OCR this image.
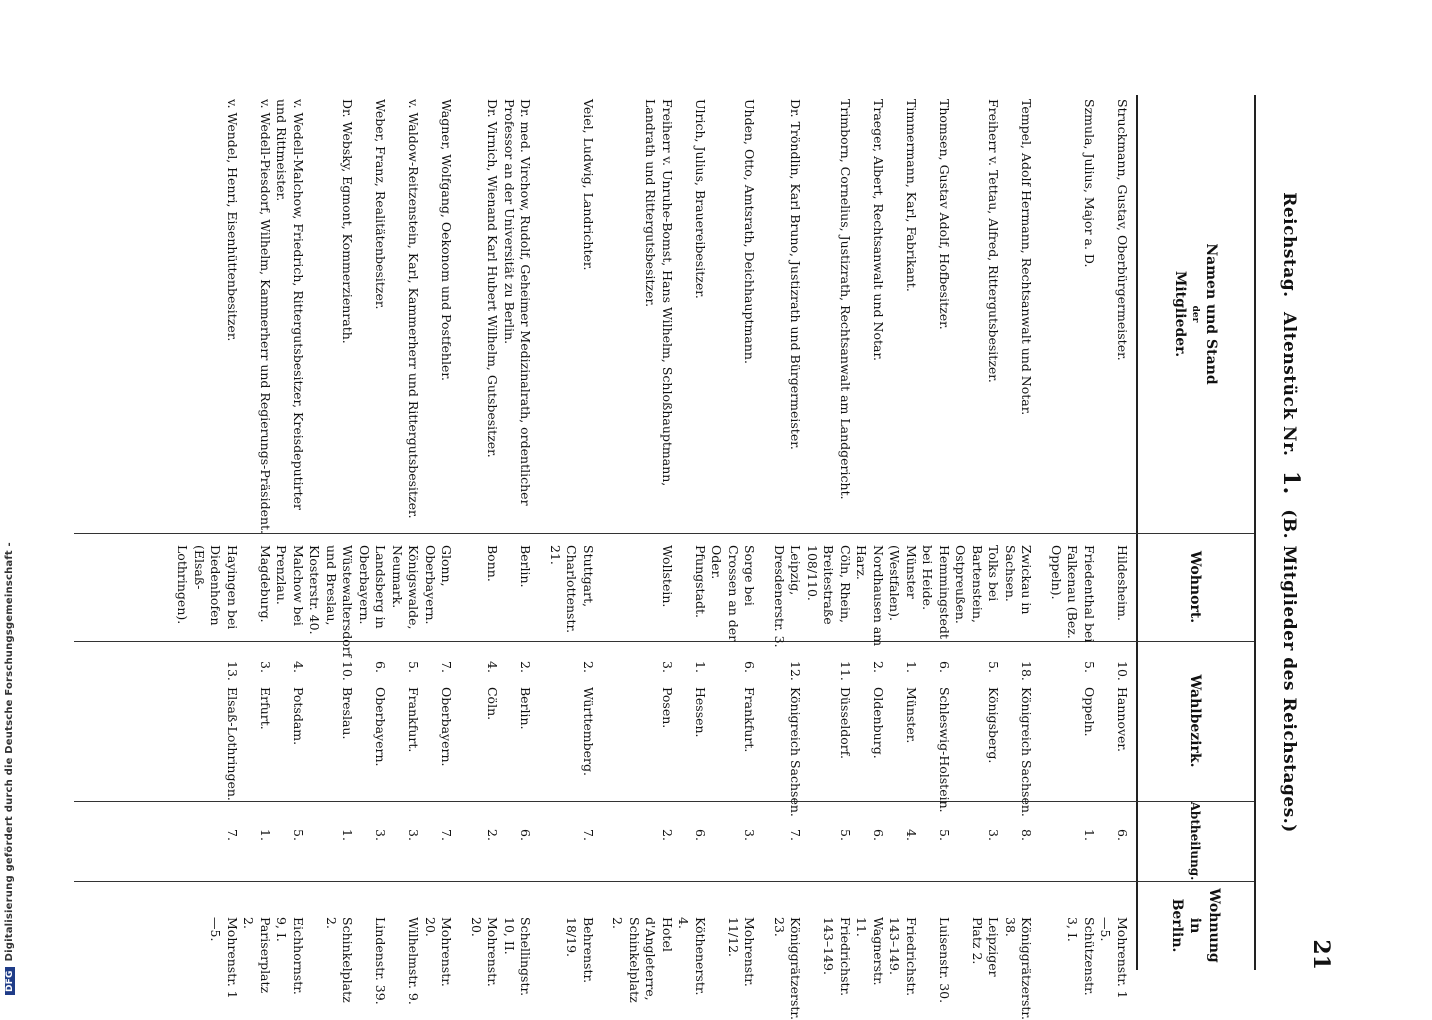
21
Reichstag. Altenstück Nr. 1. (B. Mitglieder des Reichstages.)
Namen und Stand
der
Mitglieder.
Wohnort.
Wahlbezirk.
Abtheilung.
Wohnung in
Berlin.
Struckmann, Gustav, Oberbürgermeister.	Hildesheim.	10. Hannover.	6.	Mohrenstr. 1—5.
Szmula, Julius, Major a. D.	Friedenthal bei Falkenau (Bez. Oppeln).	5. Oppeln.	1.	Schützenstr. 3, I.

Tempel, Adolf Hermann, Rechtsanwalt und Notar.	Zwickau in Sachsen.	18. Königreich Sachsen.	8.	Königgrätzerstr. 38.
Freiherr v. Tettau, Alfred, Rittergutsbesitzer.	Tolks bei Bartenstein, Ostpreußen.	5. Königsberg.	3.	Leipziger Platz 2.
Thomsen, Gustav Adolf, Hofbesitzer.	Hemmingstedt bei Heide.	6. Schleswig-Holstein.	5.	Luisenstr. 30.
Timmermann, Karl, Fabrikant.	Münster (Westfalen).	1. Münster.	4.	Friedrichstr. 143–149.
Traeger, Albert, Rechtsanwalt und Notar.	Nordhausen am Harz.	2. Oldenburg.	6.	Wagnerstr. 11.
Trimborn, Cornelius, Justizrath, Rechtsanwalt am Landgericht.	Cöln, Rhein, Breitestraße 108/110.	11. Düsseldorf.	5.	Friedrichstr. 143–149.
Dr. Tröndlin, Karl Bruno, Justizrath und Bürgermeister.	Leipzig, Dresdenerstr. 3.	12. Königreich Sachsen.	7.	Königgrätzerstr. 23.

Uhden, Otto, Amtsrath, Deichhauptmann.	Sorge bei Crossen an der Oder.	6. Frankfurt.	3.	Mohrenstr. 11/12.
Ulrich, Julius, Brauereibesitzer.	Pfungstadt.	1. Hessen.	6.	Köthenerstr. 4.
Freiherr v. Unruhe-Bomst, Hans Wilhelm, Schloßhauptmann, Landrath und Rittergutsbesitzer.	Wollstein.	3. Posen.	2.	Hotel d'Angleterre, Schinkelplatz 2.

Veiel, Ludwig, Landrichter.	Stuttgart, Charlottenstr. 21.	2. Württemberg.	7.	Behrenstr. 18/19.

Dr. med. Virchow, Rudolf, Geheimer Medizinalrath, ordentlicher Professor an der Universität zu Berlin.	Berlin.	2. Berlin.	6.	Schellingstr. 10, II.
Dr. Virnich, Wienand Karl Hubert Wilhelm, Gutsbesitzer.	Bonn.	4. Cöln.	2.	Mohrenstr. 20.

Wagner, Wolfgang, Oekonom und Postfehler.	Glonn, Oberbayern.	7. Oberbayern.	7.	Mohrenstr. 20.
v. Waldow-Reitzenstein, Karl, Kammerherr und Rittergutsbesitzer.	Königswalde, Neumark.	5. Frankfurt.	3.	Wilhelmstr. 9.
Weber, Franz, Realitätenbesitzer.	Landsberg in Oberbayern.	6. Oberbayern.	3.	Lindenstr. 39.
Dr. Websky, Egmont, Kommerzienrath.	Wüstewaltersdorf und Breslau, Klosterstr. 40.	10. Breslau.	1.	Schinkelplatz 2.
v. Wedell-Malchow, Friedrich, Rittergutsbesitzer, Kreisdeputirter und Rittmeister.	Malchow bei Prenzlau.	4. Potsdam.	5.	Eichhornstr. 9, I.
v. Wedell-Piesdorf, Wilhelm, Kammerherr und Regierungs-Präsident.	Magdeburg.	3. Erfurt.	1.	Pariserplatz 2.
v. Wendel, Henri, Eisenhüttenbesitzer.	Hayingen bei Diedenhofen (Elsaß-Lothringen).	13. Elsaß-Lothringen.	7.	Mohrenstr. 1—5.
DFGDigitalisierung gefördert durch die Deutsche Forschungsgemeinschaft -
